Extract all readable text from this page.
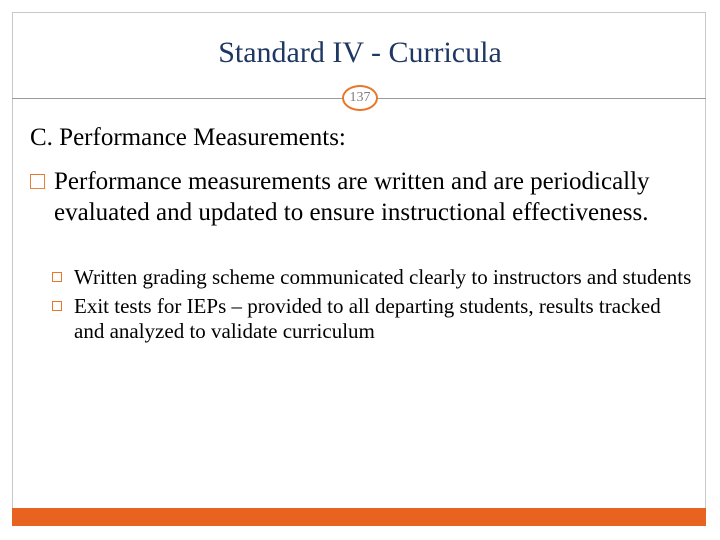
Standard IV - Curricula
137
C. Performance Measurements:
□ Performance measurements are written and are periodically evaluated and updated to ensure instructional effectiveness.
Written grading scheme communicated clearly to instructors and students
Exit tests for IEPs – provided to all departing students, results tracked and analyzed to validate curriculum
